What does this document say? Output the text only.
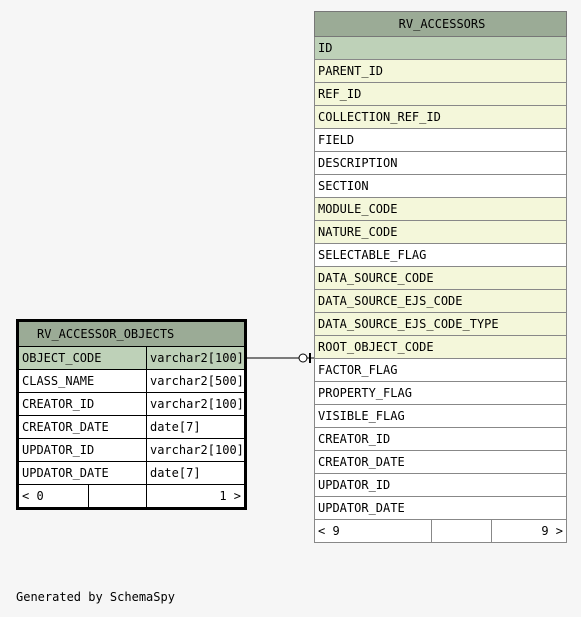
RV_ACCESSORS
ID
PARENT_ID
REF_ID
COLLECTION_REF_ID
FIELD
DESCRIPTION
SECTION
MODULE_CODE
NATURE_CODE
SELECTABLE_FLAG
DATA_SOURCE_CODE
DATA_SOURCE_EJS_CODE
DATA_SOURCE_EJS_CODE_TYPE
ROOT_OBJECT_CODE
FACTOR_FLAG
PROPERTY_FLAG
VISIBLE_FLAG
CREATOR_ID
CREATOR_DATE
UPDATOR_ID
UPDATOR_DATE
< 9		9 >
RV_ACCESSOR_OBJECTS		
OBJECT_CODE		varchar2[100]
CLASS_NAME		varchar2[500]
CREATOR_ID		varchar2[100]
CREATOR_DATE		date[7]
UPDATOR_ID		varchar2[100]
UPDATOR_DATE		date[7]
< 0		1 >
Generated by SchemaSpy
